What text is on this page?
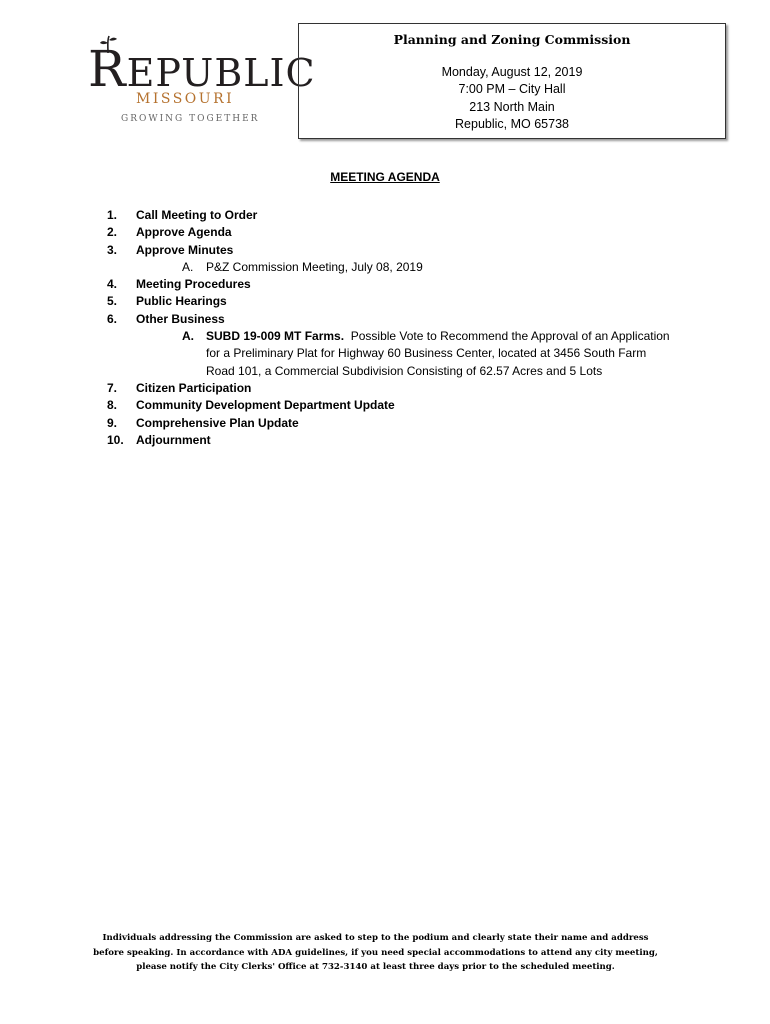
REPUBLIC
MISSOURI
GROWING TOGETHER
Planning and Zoning Commission
Monday, August 12, 2019
7:00 PM – City Hall
213 North Main
Republic, MO 65738
MEETING AGENDA
1.	Call Meeting to Order
2.	Approve Agenda
3.	Approve Minutes
A.	P&Z Commission Meeting, July 08, 2019
4.	Meeting Procedures
5.	Public Hearings
6.	Other Business
A.	SUBD 19-009 MT Farms. Possible Vote to Recommend the Approval of an Application for a Preliminary Plat for Highway 60 Business Center, located at 3456 South Farm Road 101, a Commercial Subdivision Consisting of 62.57 Acres and 5 Lots
7.	Citizen Participation
8.	Community Development Department Update
9.	Comprehensive Plan Update
10.	Adjournment
Individuals addressing the Commission are asked to step to the podium and clearly state their name and address before speaking. In accordance with ADA guidelines, if you need special accommodations to attend any city meeting, please notify the City Clerks' Office at 732-3140 at least three days prior to the scheduled meeting.
